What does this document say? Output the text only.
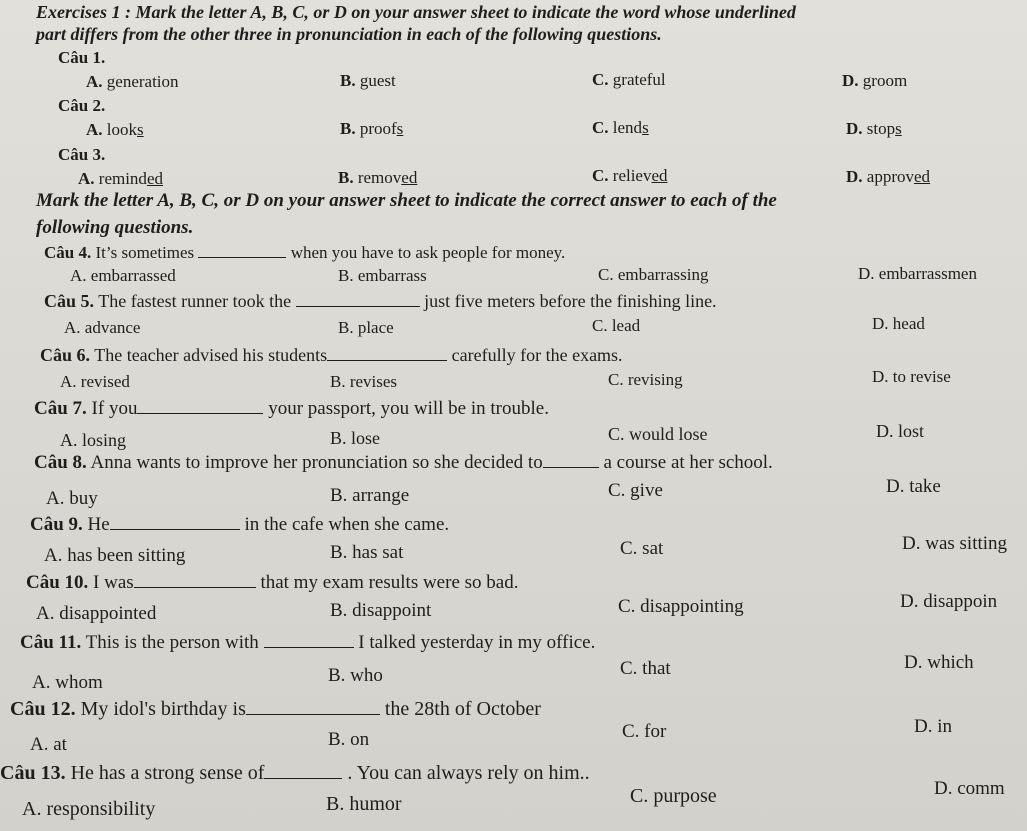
Exercises 1 : Mark the letter A, B, C, or D on your answer sheet to indicate the word whose underlined
part differs from the other three in pronunciation in each of the following questions.
Câu 1.
A. generation	B. guest	C. grateful	D. groom
Câu 2.
A. looks	B. proofs	C. lends	D. stops
Câu 3.
A. reminded	B. removed	C. relieved	D. approved
Mark the letter A, B, C, or D on your answer sheet to indicate the correct answer to each of the
following questions.
Câu 4. It’s sometimes	when you have to ask people for money.
A. embarrassed	B. embarrass	C. embarrassing	D. embarrassmen
Câu 5. The fastest runner took the	just five meters before the finishing line.
A. advance	B. place	C. lead	D. head
Câu 6. The teacher advised his students	carefully for the exams.
A. revised	B. revises	C. revising	D. to revise
Câu 7. If you	your passport, you will be in trouble.
A. losing	B. lose	C. would lose	D. lost
Câu 8. Anna wants to improve her pronunciation so she decided to	a course at her school.
A. buy	B. arrange	C. give	D. take
Câu 9. He	in the cafe when she came.
A. has been sitting	B. has sat	C. sat	D. was sitting
Câu 10. I was	that my exam results were so bad.
A. disappointed	B. disappoint	C. disappointing	D. disappoin
Câu 11. This is the person with	I talked yesterday in my office.
A. whom	B. who	C. that	D. which
Câu 12. My idol's birthday is	the 28th of October
A. at	B. on	C. for	D. in
Câu 13. He has a strong sense of	. You can always rely on him..
A. responsibility	B. humor	C. purpose	D. comm
